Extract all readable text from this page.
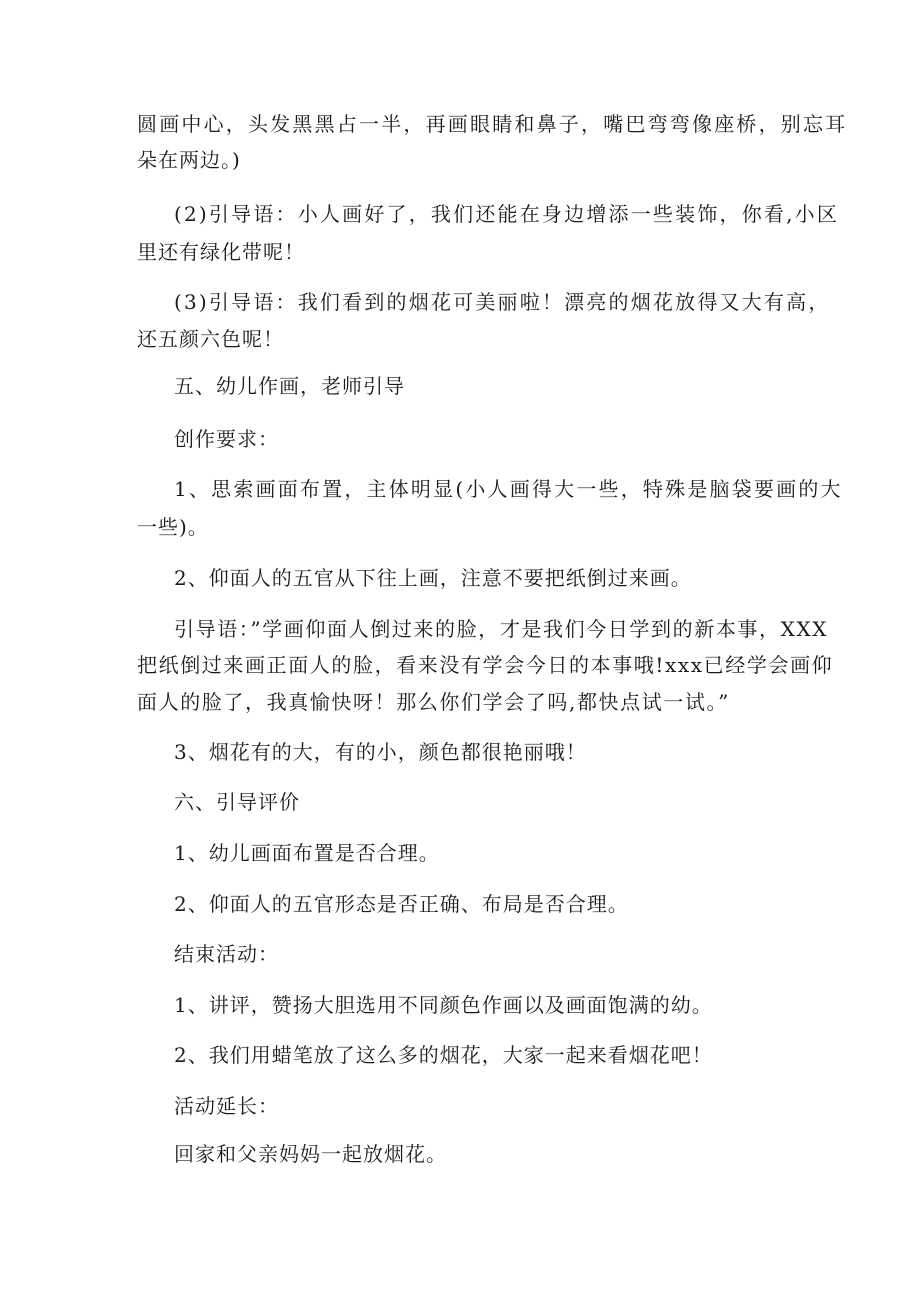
圆画中心，头发黑黑占一半，再画眼睛和鼻子，嘴巴弯弯像座桥，别忘耳
朵在两边。)
(2)引导语：小人画好了，我们还能在身边增添一些装饰，你看,小区
里还有绿化带呢！
(3)引导语：我们看到的烟花可美丽啦！漂亮的烟花放得又大有高，
还五颜六色呢！
五、幼儿作画，老师引导
创作要求：
1、思索画面布置，主体明显(小人画得大一些，特殊是脑袋要画的大
一些)。
2、仰面人的五官从下往上画，注意不要把纸倒过来画。
引导语：”学画仰面人倒过来的脸，才是我们今日学到的新本事，XXX
把纸倒过来画正面人的脸，看来没有学会今日的本事哦!xxx已经学会画仰
面人的脸了，我真愉快呀！那么你们学会了吗,都快点试一试。”
3、烟花有的大，有的小，颜色都很艳丽哦！
六、引导评价
1、幼儿画面布置是否合理。
2、仰面人的五官形态是否正确、布局是否合理。
结束活动：
1、讲评，赞扬大胆选用不同颜色作画以及画面饱满的幼。
2、我们用蜡笔放了这么多的烟花，大家一起来看烟花吧！
活动延长：
回家和父亲妈妈一起放烟花。
